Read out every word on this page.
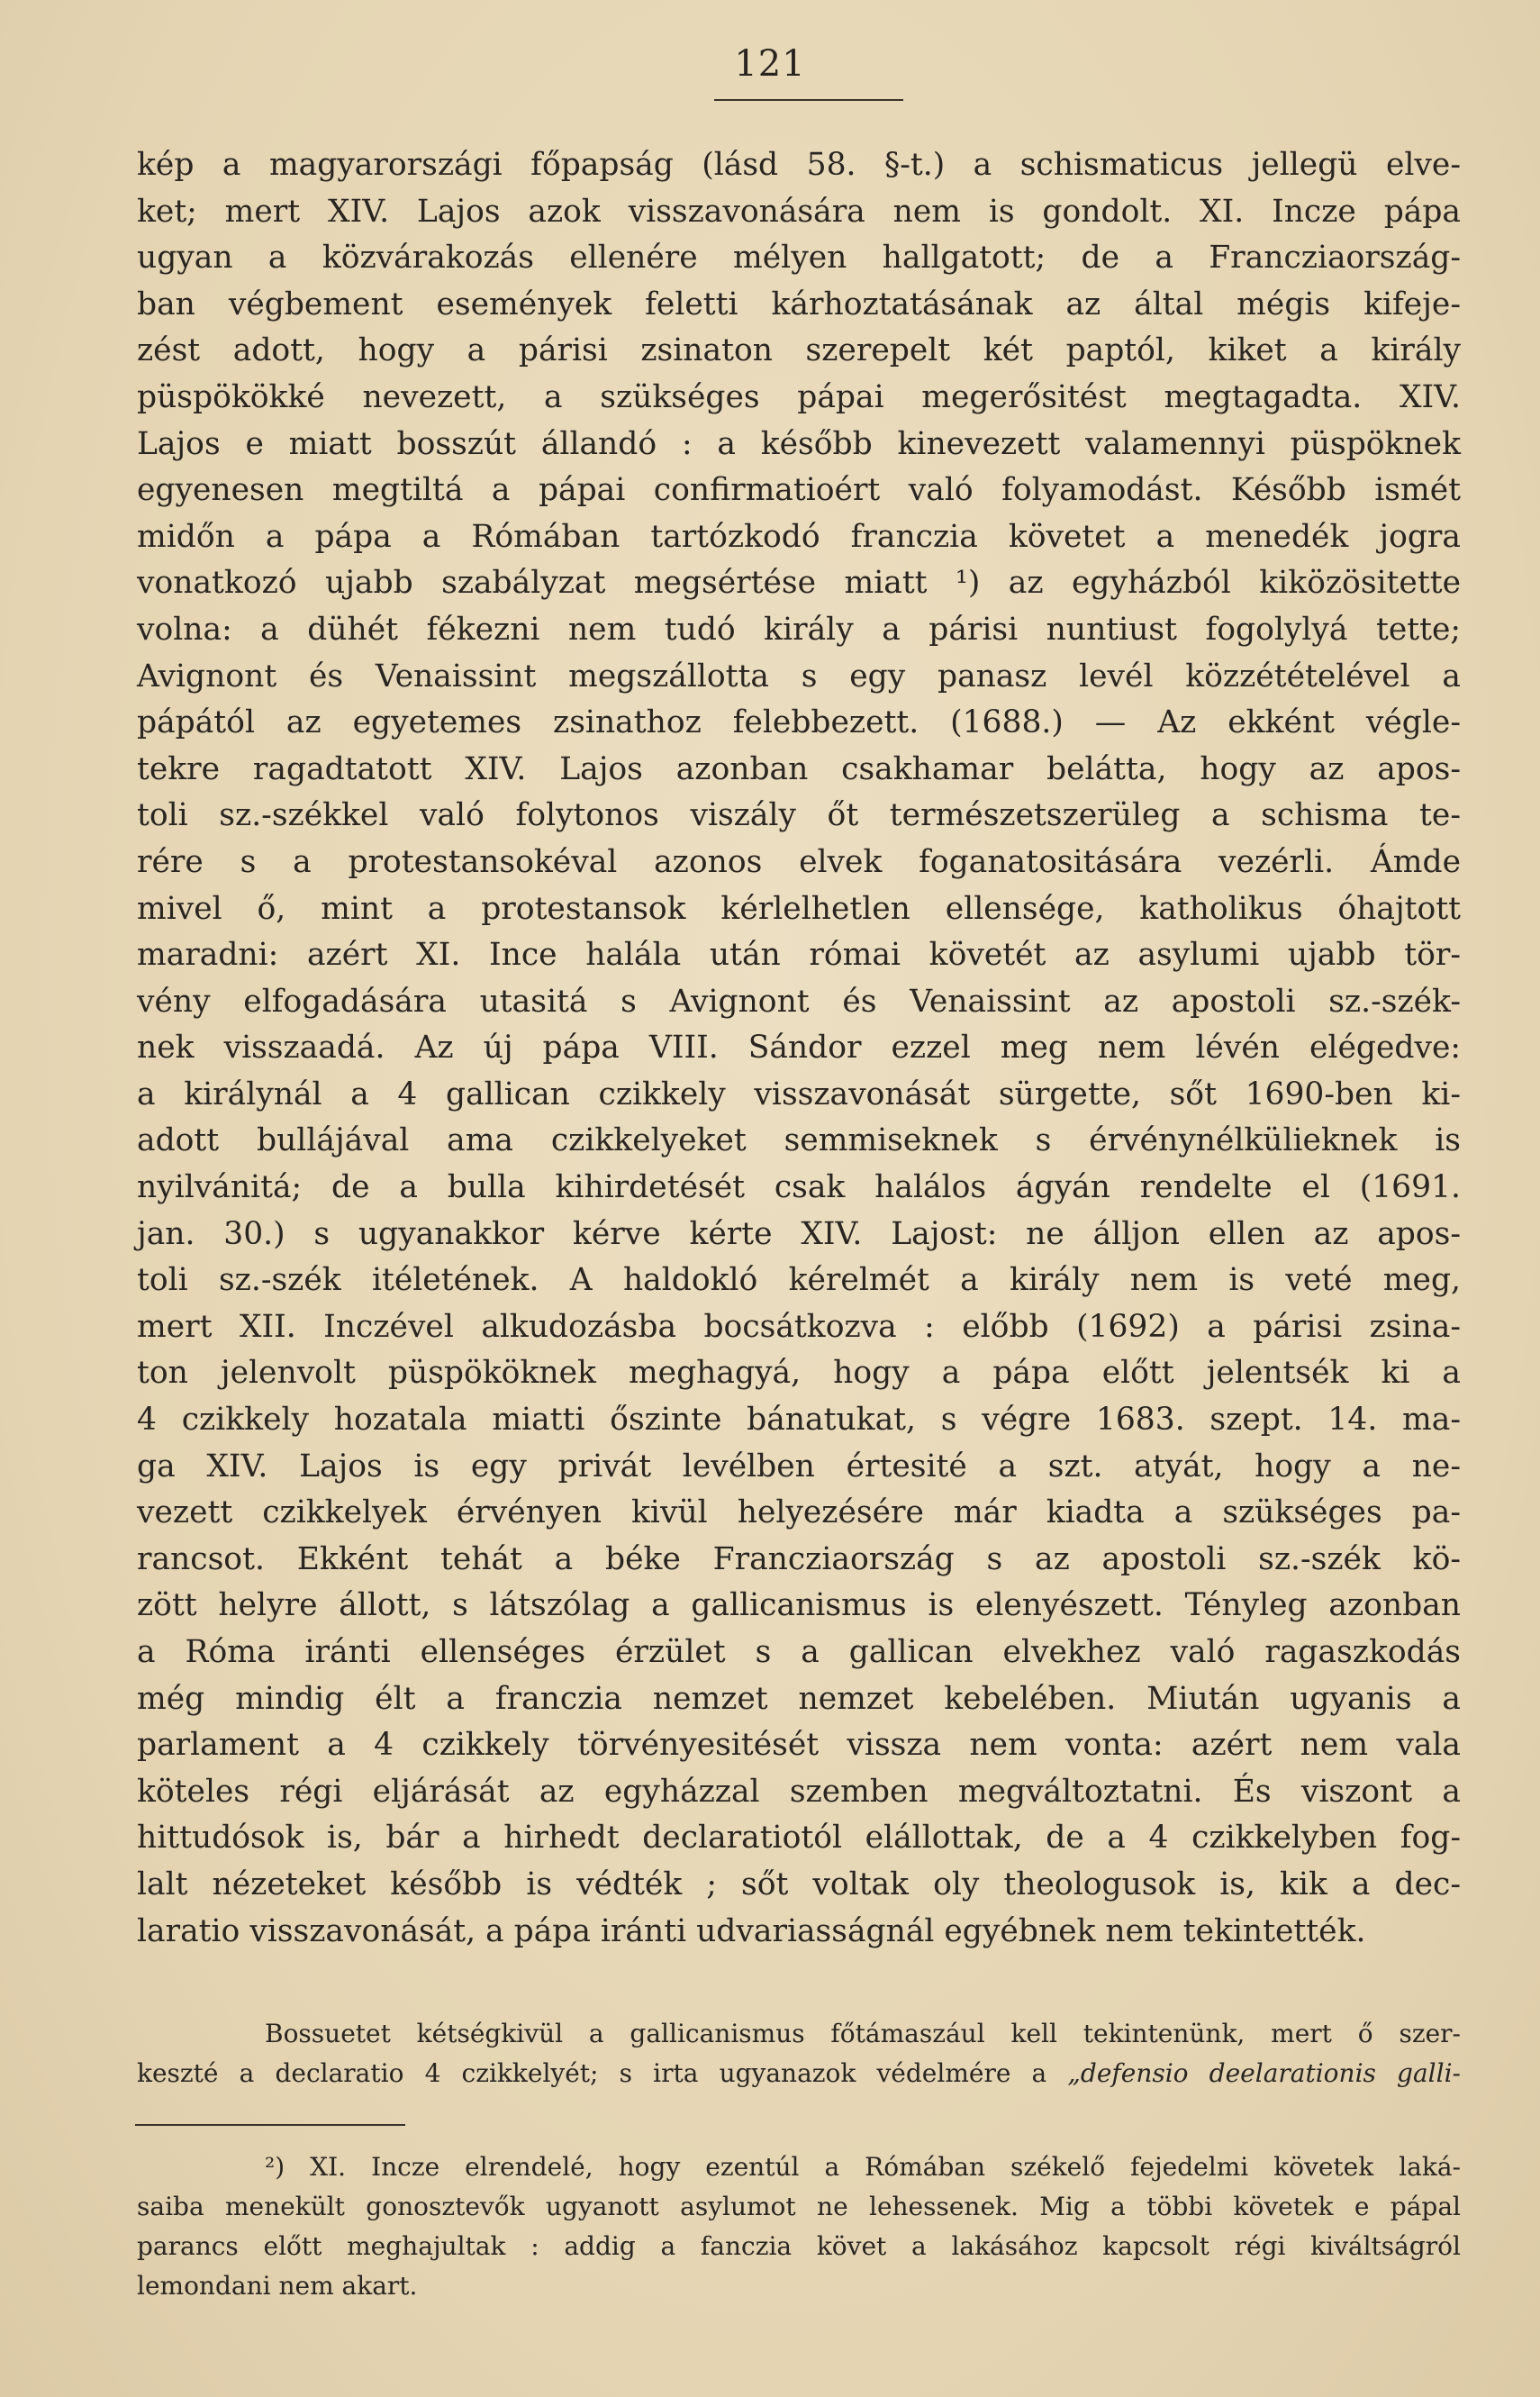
121
kép a magyarországi főpapság (lásd 58. §-t.) a schismaticus jellegü elve-
ket; mert XIV. Lajos azok visszavonására nem is gondolt. XI. Incze pápa
ugyan a közvárakozás ellenére mélyen hallgatott; de a Francziaország-
ban végbement események feletti kárhoztatásának az által mégis kifeje-
zést adott, hogy a párisi zsinaton szerepelt két paptól, kiket a király
püspökökké nevezett, a szükséges pápai megerősitést megtagadta. XIV.
Lajos e miatt bosszút állandó : a később kinevezett valamennyi püspöknek
egyenesen megtiltá a pápai confirmatioért való folyamodást. Később ismét
midőn a pápa a Rómában tartózkodó franczia követet a menedék jogra
vonatkozó ujabb szabályzat megsértése miatt ¹) az egyházból kiközösitette
volna: a dühét fékezni nem tudó király a párisi nuntiust fogolylyá tette;
Avignont és Venaissint megszállotta s egy panasz levél közzétételével a
pápától az egyetemes zsinathoz felebbezett. (1688.) — Az ekként végle-
tekre ragadtatott XIV. Lajos azonban csakhamar belátta, hogy az apos-
toli sz.-székkel való folytonos viszály őt természetszerüleg a schisma te-
rére s a protestansokéval azonos elvek foganatositására vezérli. Ámde
mivel ő, mint a protestansok kérlelhetlen ellensége, katholikus óhajtott
maradni: azért XI. Ince halála után római követét az asylumi ujabb tör-
vény elfogadására utasitá s Avignont és Venaissint az apostoli sz.-szék-
nek visszaadá. Az új pápa VIII. Sándor ezzel meg nem lévén elégedve:
a királynál a 4 gallican czikkely visszavonását sürgette, sőt 1690-ben ki-
adott bullájával ama czikkelyeket semmiseknek s érvénynélkülieknek is
nyilvánitá; de a bulla kihirdetését csak halálos ágyán rendelte el (1691.
jan. 30.) s ugyanakkor kérve kérte XIV. Lajost: ne álljon ellen az apos-
toli sz.-szék itéletének. A haldokló kérelmét a király nem is veté meg,
mert XII. Inczével alkudozásba bocsátkozva : előbb (1692) a párisi zsina-
ton jelenvolt püspököknek meghagyá, hogy a pápa előtt jelentsék ki a
4 czikkely hozatala miatti őszinte bánatukat, s végre 1683. szept. 14. ma-
ga XIV. Lajos is egy privát levélben értesité a szt. atyát, hogy a ne-
vezett czikkelyek érvényen kivül helyezésére már kiadta a szükséges pa-
rancsot. Ekként tehát a béke Francziaország s az apostoli sz.-szék kö-
zött helyre állott, s látszólag a gallicanismus is elenyészett. Tényleg azonban
a Róma iránti ellenséges érzület s a gallican elvekhez való ragaszkodás
még mindig élt a franczia nemzet nemzet kebelében. Miután ugyanis a
parlament a 4 czikkely törvényesitését vissza nem vonta: azért nem vala
köteles régi eljárását az egyházzal szemben megváltoztatni. És viszont a
hittudósok is, bár a hirhedt declaratiotól elállottak, de a 4 czikkelyben fog-
lalt nézeteket később is védték ; sőt voltak oly theologusok is, kik a dec-
laratio visszavonását, a pápa iránti udvariasságnál egyébnek nem tekintették.
Bossuetet kétségkivül a gallicanismus főtámaszául kell tekintenünk, mert ő szer-
keszté a declaratio 4 czikkelyét; s irta ugyanazok védelmére a „defensio deelarationis galli-
²) XI. Incze elrendelé, hogy ezentúl a Rómában székelő fejedelmi követek laká-
saiba menekült gonosztevők ugyanott asylumot ne lehessenek. Mig a többi követek e pápal
parancs előtt meghajultak : addig a fanczia követ a lakásához kapcsolt régi kiváltságról
lemondani nem akart.
